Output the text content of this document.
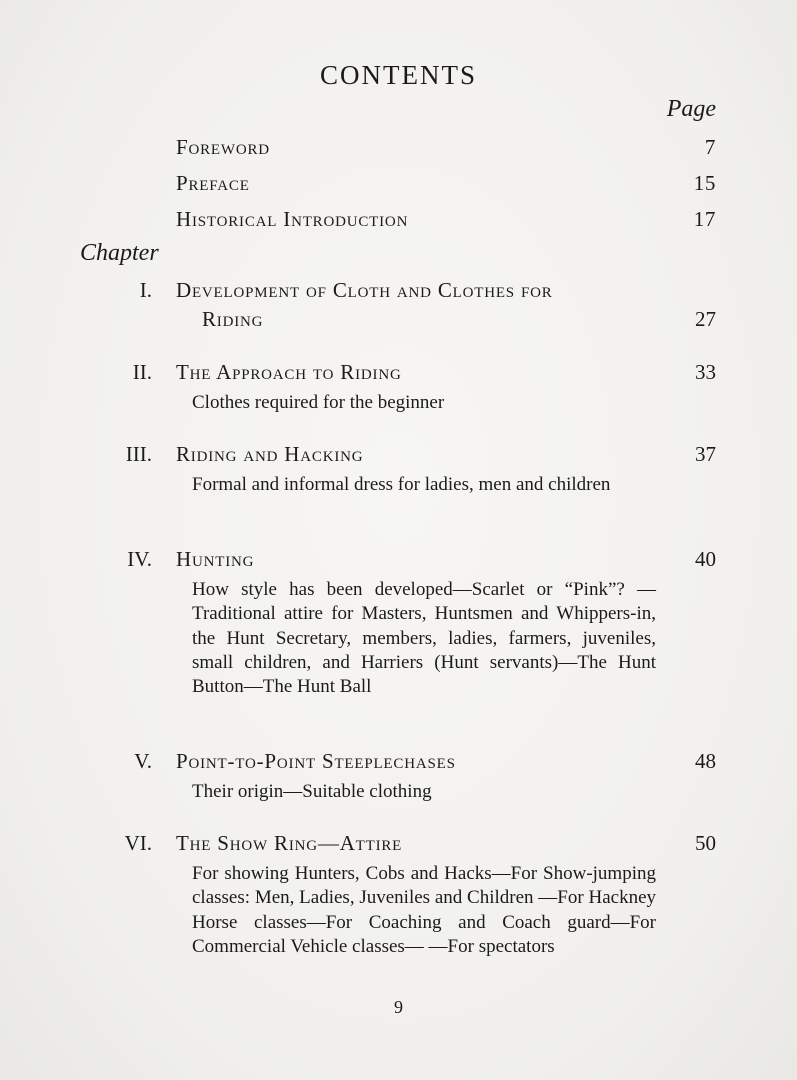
CONTENTS
Page
Foreword	7
Preface	15
Historical Introduction	17
Chapter
I. Development of Cloth and Clothes for
Riding	27
II. The Approach to Riding	33
Clothes required for the beginner
III. Riding and Hacking	37
Formal and informal dress for ladies, men and children
IV. Hunting	40
How style has been developed—Scarlet or “Pink”? —Traditional attire for Masters, Huntsmen and Whippers-in, the Hunt Secretary, members, ladies, farmers, juveniles, small children, and Harriers (Hunt servants)—The Hunt Button—The Hunt Ball
V. Point-to-Point Steeplechases	48
Their origin—Suitable clothing
VI. The Show Ring—Attire	50
For showing Hunters, Cobs and Hacks—For Show-jumping classes: Men, Ladies, Juveniles and Children —For Hackney Horse classes—For Coaching and Coach guard—For Commercial Vehicle classes— —For spectators
9
